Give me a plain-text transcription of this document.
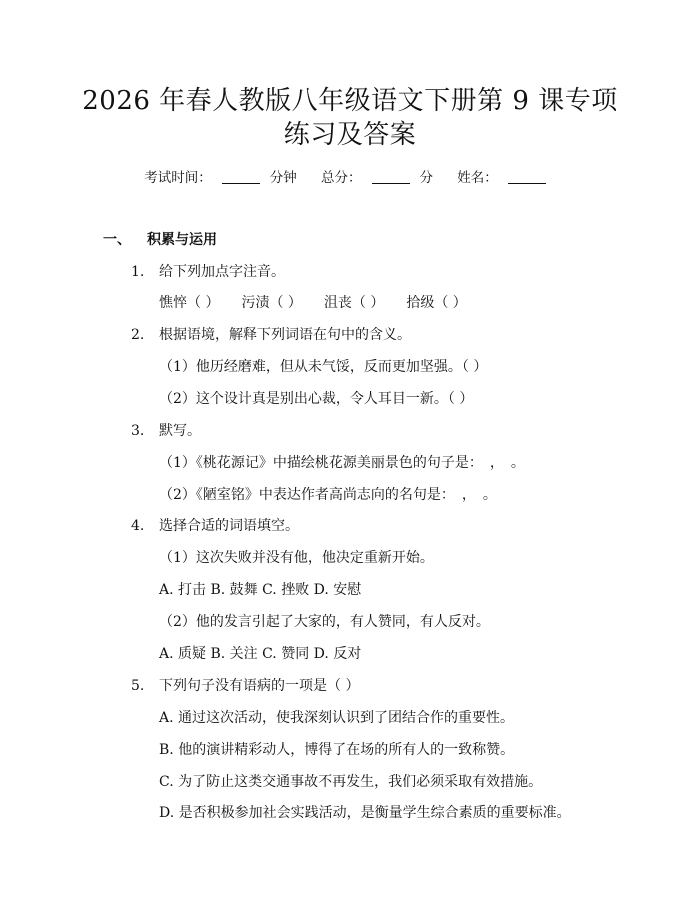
2026 年春人教版八年级语文下册第 9 课专项
练习及答案
考试时间：	分钟 总分：	分 姓名：
一、 积累与运用
1. 给下列加点字注音。
憔悴（ ） 污渍（ ） 沮丧（ ） 拾级（ ）
2. 根据语境，解释下列词语在句中的含义。
（1）他历经磨难，但从未气馁，反而更加坚强。（ ）
（2）这个设计真是别出心裁，令人耳目一新。（ ）
3. 默写。
（1）《桃花源记》中描绘桃花源美丽景色的句子是：　，　。
（2）《陋室铭》中表达作者高尚志向的名句是：　，　。
4. 选择合适的词语填空。
（1）这次失败并没有他，他决定重新开始。
A. 打击 B. 鼓舞 C. 挫败 D. 安慰
（2）他的发言引起了大家的，有人赞同，有人反对。
A. 质疑 B. 关注 C. 赞同 D. 反对
5. 下列句子没有语病的一项是（ ）
A. 通过这次活动，使我深刻认识到了团结合作的重要性。
B. 他的演讲精彩动人，博得了在场的所有人的一致称赞。
C. 为了防止这类交通事故不再发生，我们必须采取有效措施。
D. 是否积极参加社会实践活动，是衡量学生综合素质的重要标准。
